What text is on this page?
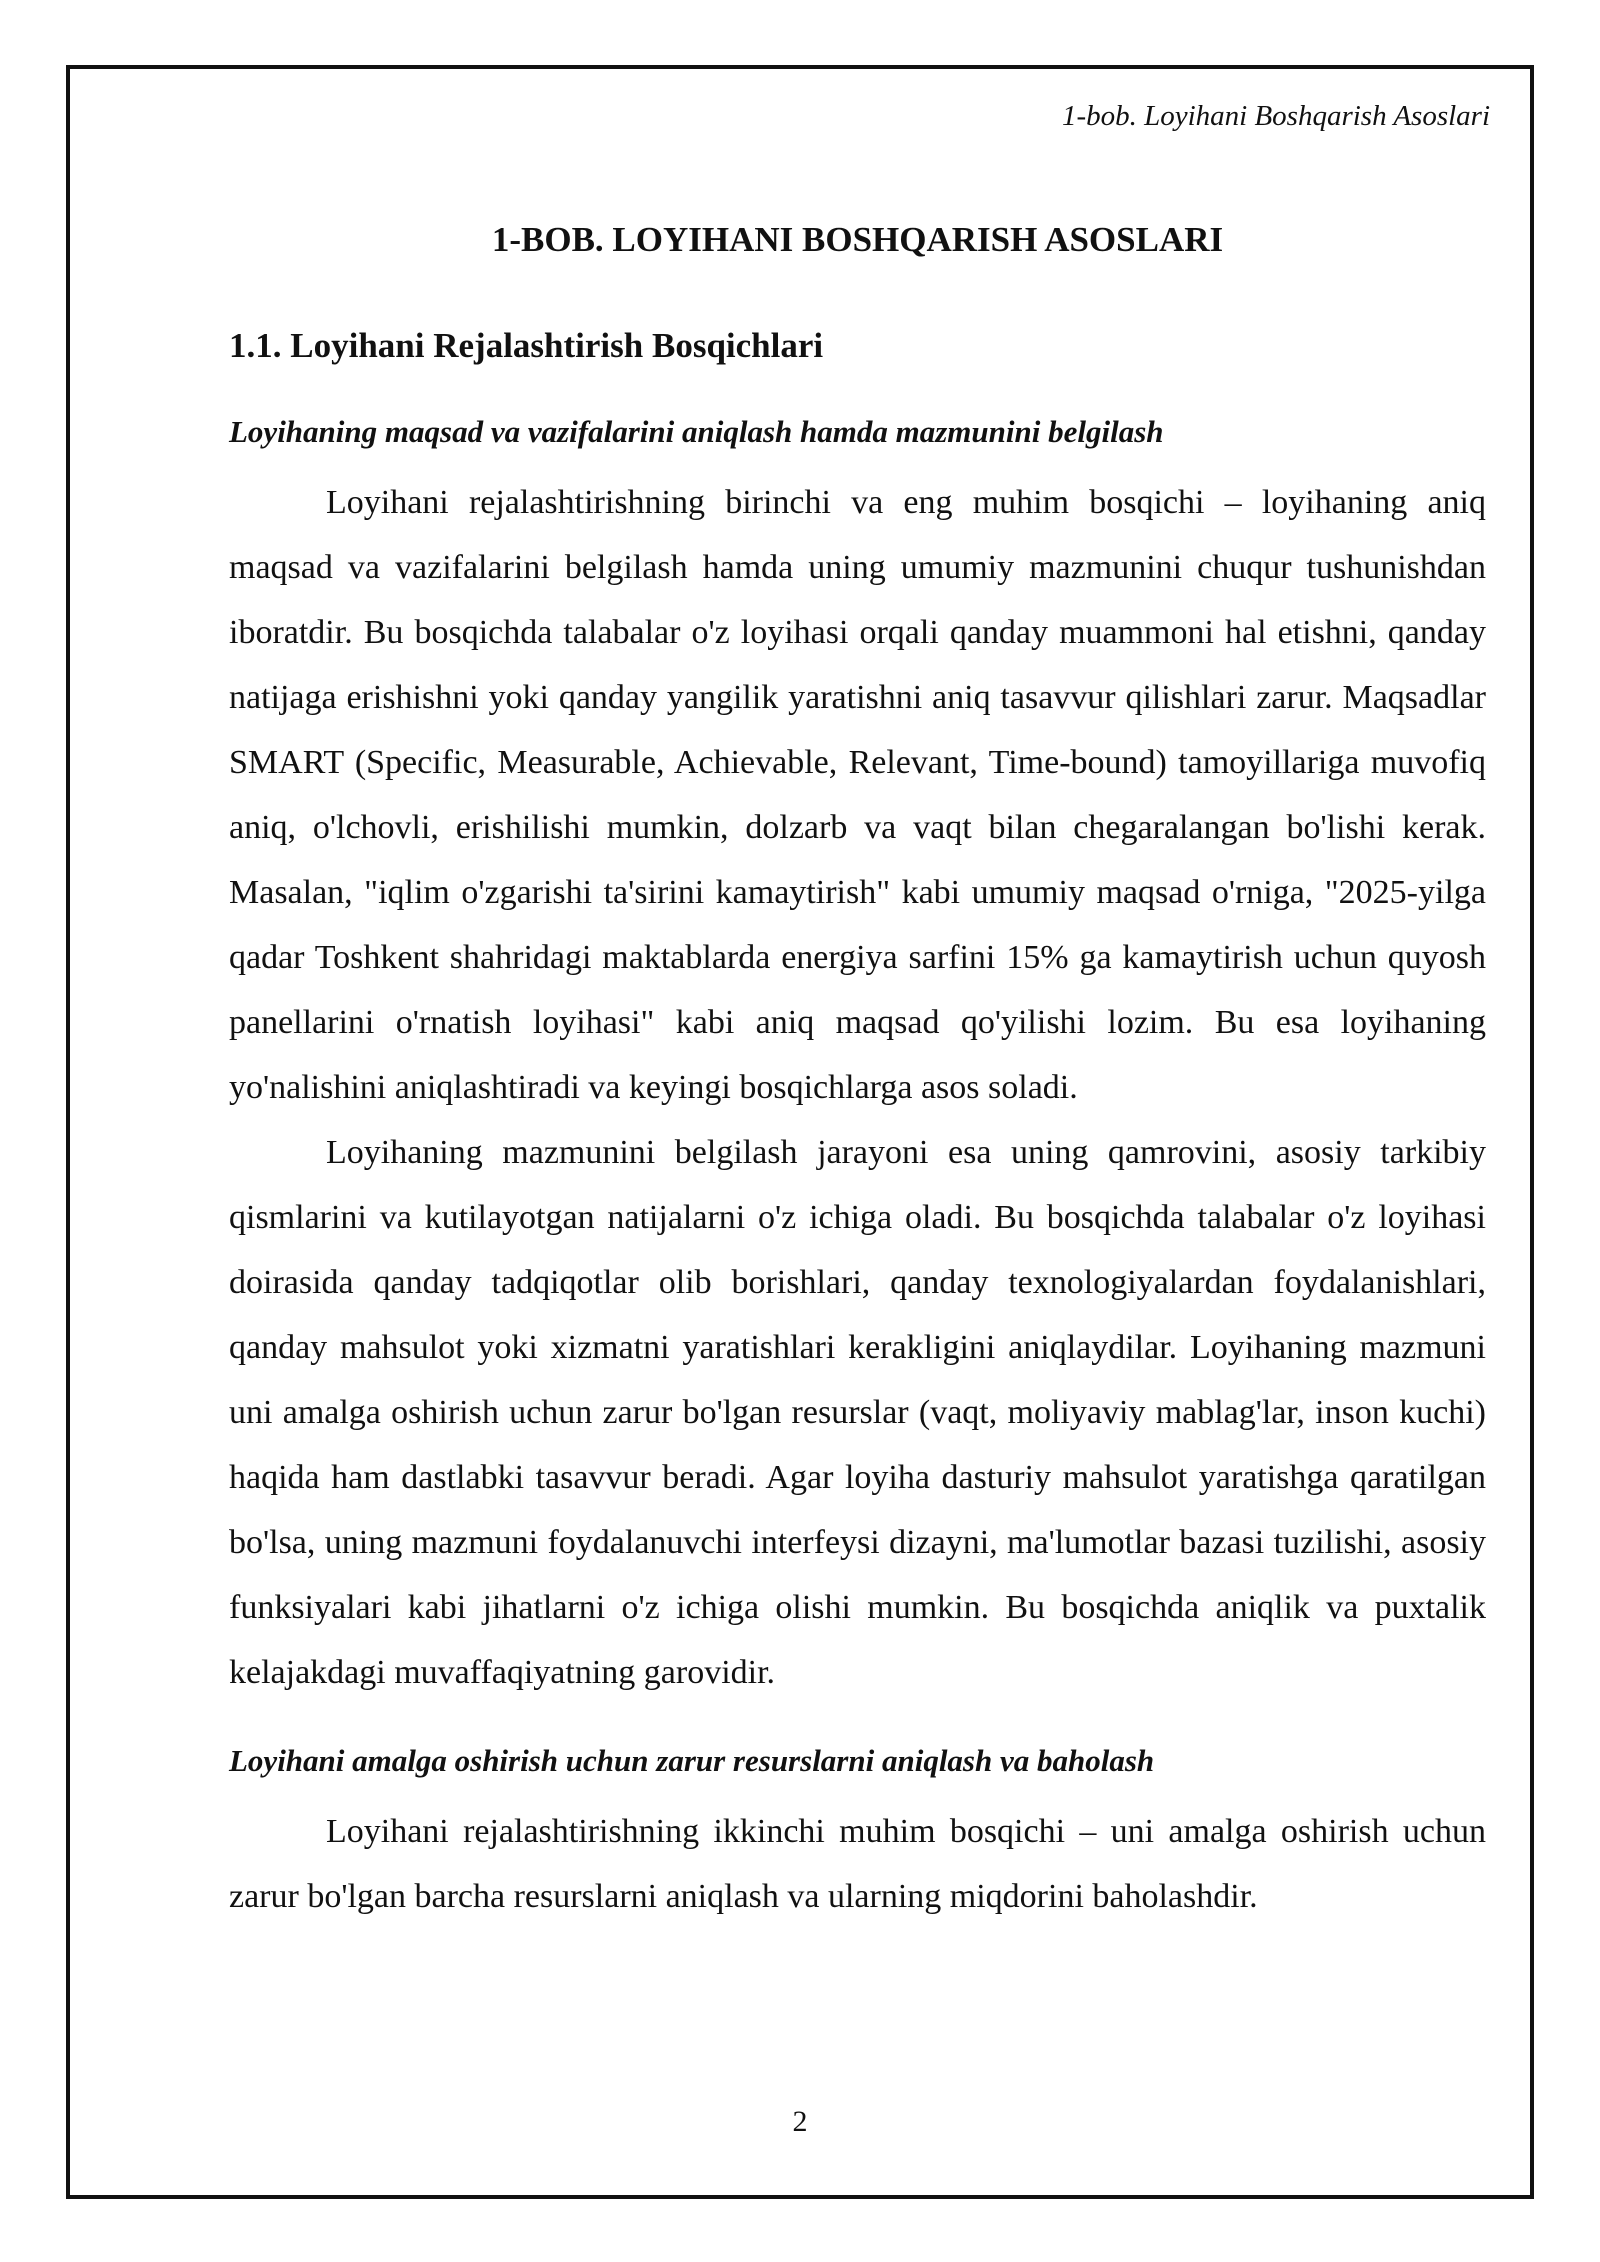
1-bob. Loyihani Boshqarish Asoslari
1-BOB. LOYIHANI BOSHQARISH ASOSLARI
1.1. Loyihani Rejalashtirish Bosqichlari
Loyihaning maqsad va vazifalarini aniqlash hamda mazmunini belgilash

Loyihani rejalashtirishning birinchi va eng muhim bosqichi – loyihaning aniq maqsad va vazifalarini belgilash hamda uning umumiy mazmunini chuqur tushunishdan iboratdir. Bu bosqichda talabalar o'z loyihasi orqali qanday muammoni hal etishni, qanday natijaga erishishni yoki qanday yangilik yaratishni aniq tasavvur qilishlari zarur. Maqsadlar SMART (Specific, Measurable, Achievable, Relevant, Time-bound) tamoyillariga muvofiq aniq, o'lchovli, erishilishi mumkin, dolzarb va vaqt bilan chegaralangan bo'lishi kerak. Masalan, "iqlim o'zgarishi ta'sirini kamaytirish" kabi umumiy maqsad o'rniga, "2025-yilga qadar Toshkent shahridagi maktablarda energiya sarfini 15% ga kamaytirish uchun quyosh panellarini o'rnatish loyihasi" kabi aniq maqsad qo'yilishi lozim. Bu esa loyihaning yo'nalishini aniqlashtiradi va keyingi bosqichlarga asos soladi.

Loyihaning mazmunini belgilash jarayoni esa uning qamrovini, asosiy tarkibiy qismlarini va kutilayotgan natijalarni o'z ichiga oladi. Bu bosqichda talabalar o'z loyihasi doirasida qanday tadqiqotlar olib borishlari, qanday texnologiyalardan foydalanishlari, qanday mahsulot yoki xizmatni yaratishlari kerakligini aniqlaydilar. Loyihaning mazmuni uni amalga oshirish uchun zarur bo'lgan resurslar (vaqt, moliyaviy mablag'lar, inson kuchi) haqida ham dastlabki tasavvur beradi. Agar loyiha dasturiy mahsulot yaratishga qaratilgan bo'lsa, uning mazmuni foydalanuvchi interfeysi dizayni, ma'lumotlar bazasi tuzilishi, asosiy funksiyalari kabi jihatlarni o'z ichiga olishi mumkin. Bu bosqichda aniqlik va puxtalik kelajakdagi muvaffaqiyatning garovidir.

Loyihani amalga oshirish uchun zarur resurslarni aniqlash va baholash

Loyihani rejalashtirishning ikkinchi muhim bosqichi – uni amalga oshirish uchun zarur bo'lgan barcha resurslarni aniqlash va ularning miqdorini baholashdir.

2
